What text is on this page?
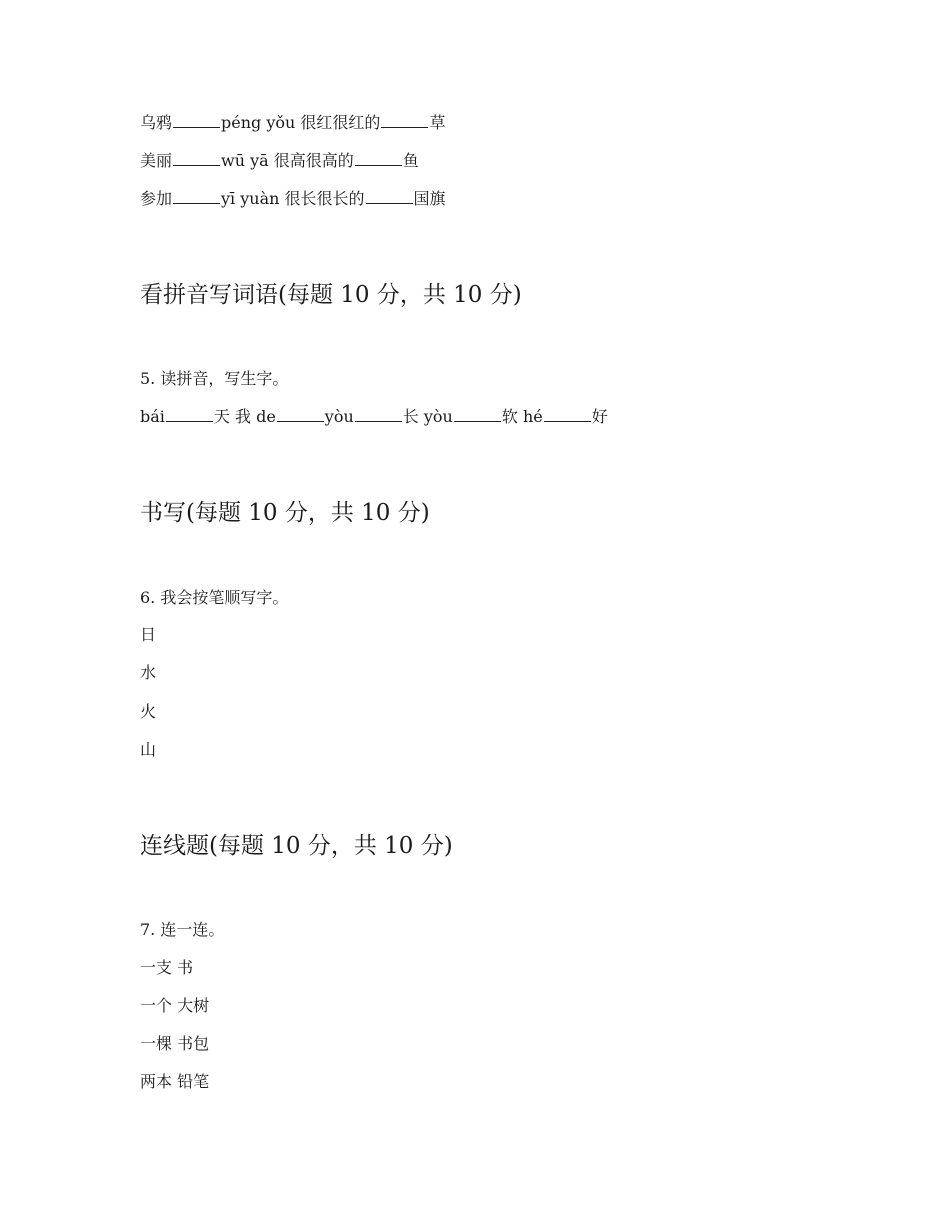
乌鸦	péng yǒu 很红很红的	草
美丽	wū yā 很高很高的	鱼
参加	yī yuàn 很长很长的	国旗
看拼音写词语(每题 10 分，共 10 分)
5. 读拼音，写生字。
bái	天 我 de	yòu	长 yòu	软 hé	好
书写(每题 10 分，共 10 分)
6. 我会按笔顺写字。
日
水
火
山
连线题(每题 10 分，共 10 分)
7. 连一连。
一支 书
一个 大树
一棵 书包
两本 铅笔
